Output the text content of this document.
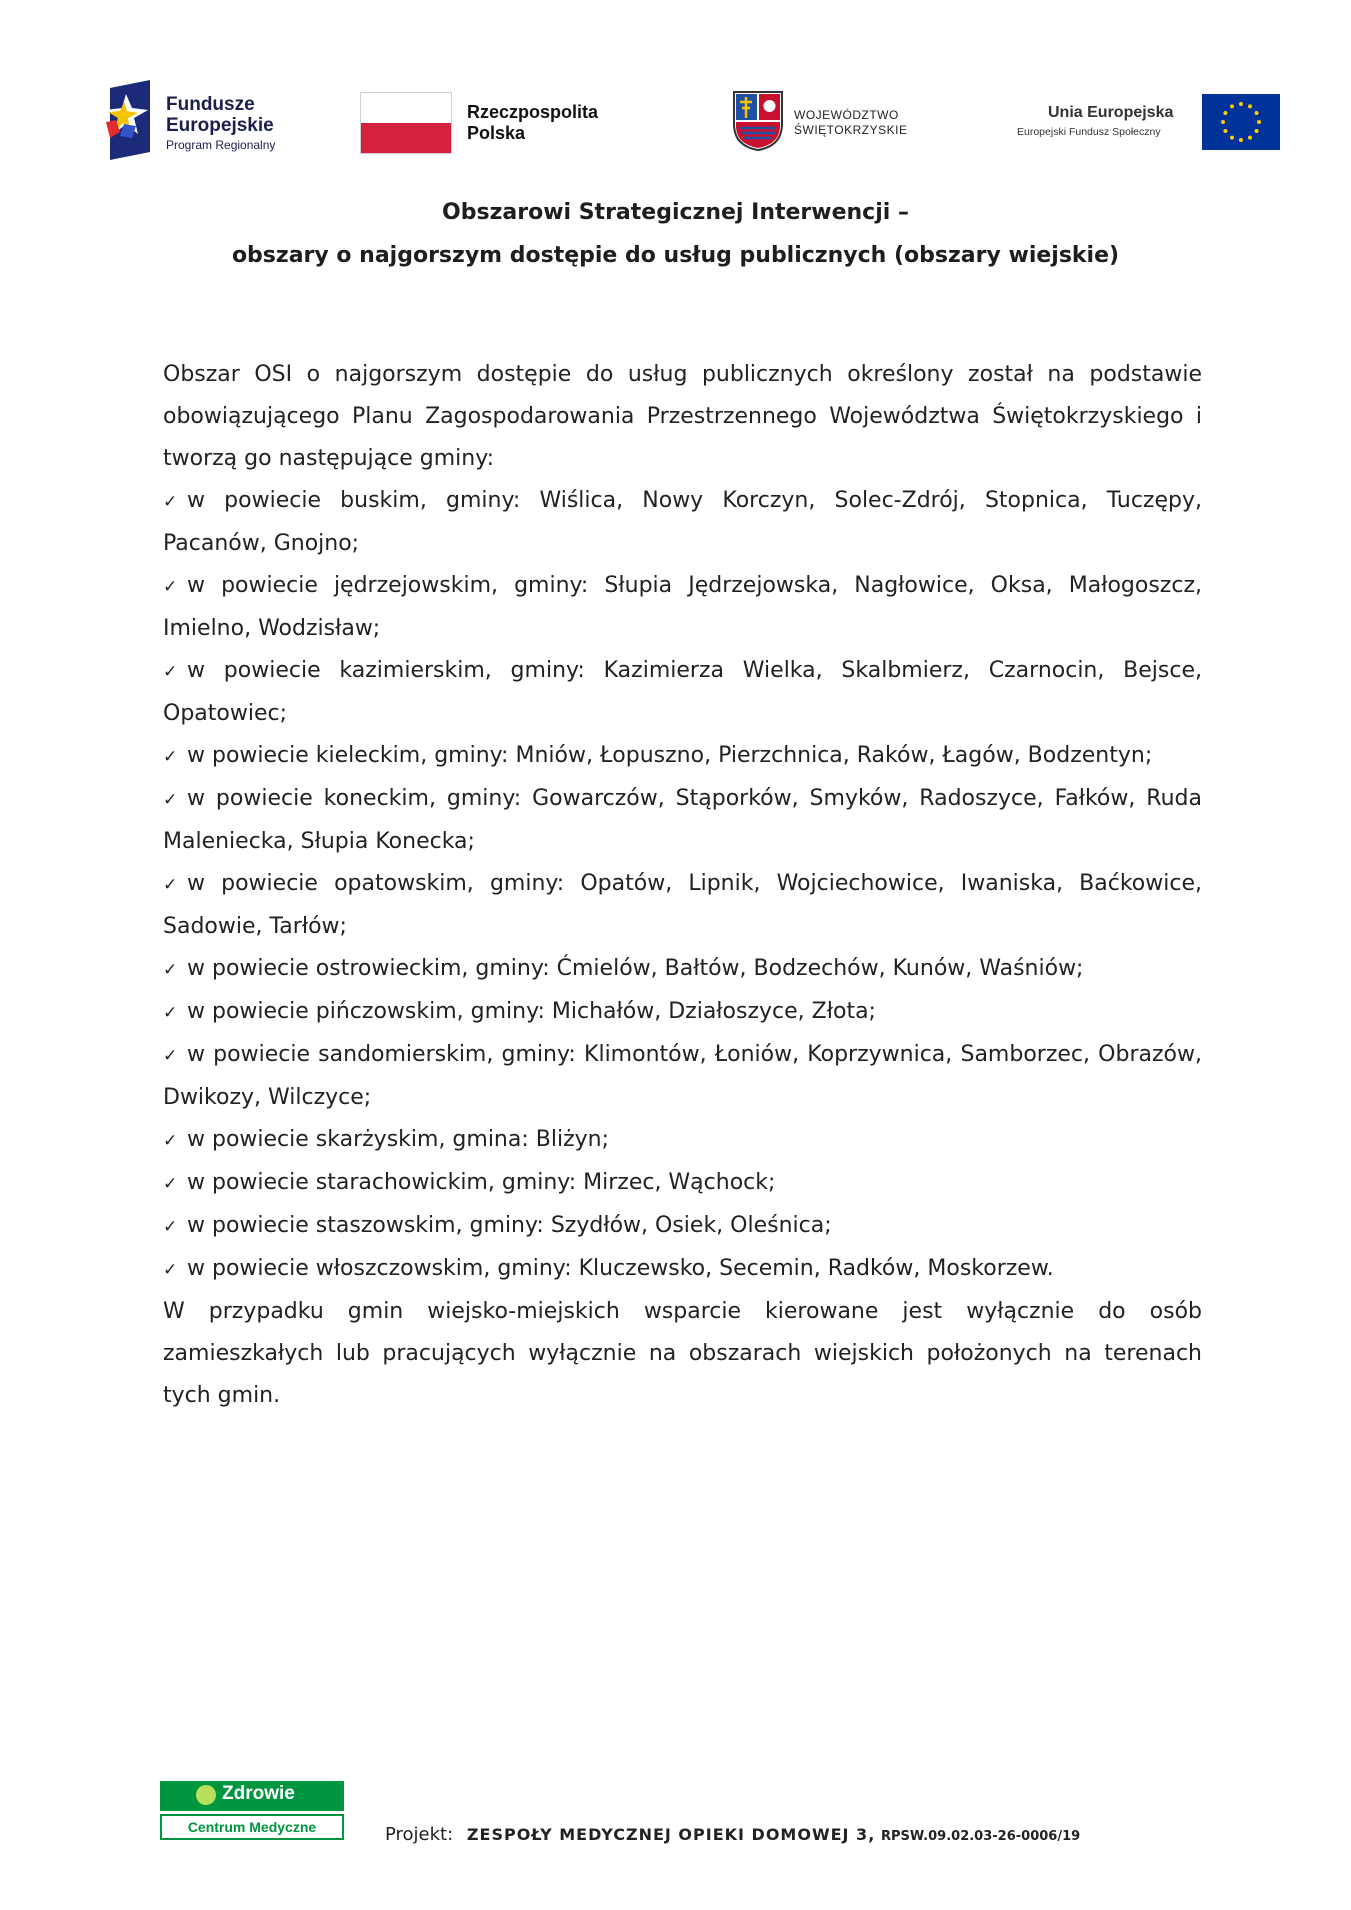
Fundusze
Europejskie
Program Regionalny
Rzeczpospolita
Polska
WOJEWÓDZTWO
ŚWIĘTOKRZYSKIE
Unia Europejska
Europejski Fundusz Społeczny
Obszarowi Strategicznej Interwencji –
obszary o najgorszym dostępie do usług publicznych (obszary wiejskie)

Obszar OSI o najgorszym dostępie do usług publicznych określony został na podstawie obowiązującego Planu Zagospodarowania Przestrzennego Województwa Świętokrzyskiego i tworzą go następujące gminy:

✓ w powiecie buskim, gminy: Wiślica, Nowy Korczyn, Solec-Zdrój, Stopnica, Tuczępy, Pacanów, Gnojno;
✓ w powiecie jędrzejowskim, gminy: Słupia Jędrzejowska, Nagłowice, Oksa, Małogoszcz, Imielno, Wodzisław;
✓ w powiecie kazimierskim, gminy: Kazimierza Wielka, Skalbmierz, Czarnocin, Bejsce, Opatowiec;
✓ w powiecie kieleckim, gminy: Mniów, Łopuszno, Pierzchnica, Raków, Łagów, Bodzentyn;
✓ w powiecie koneckim, gminy: Gowarczów, Stąporków, Smyków, Radoszyce, Fałków, Ruda Maleniecka, Słupia Konecka;
✓ w powiecie opatowskim, gminy: Opatów, Lipnik, Wojciechowice, Iwaniska, Baćkowice, Sadowie, Tarłów;
✓ w powiecie ostrowieckim, gminy: Ćmielów, Bałtów, Bodzechów, Kunów, Waśniów;
✓ w powiecie pińczowskim, gminy: Michałów, Działoszyce, Złota;
✓ w powiecie sandomierskim, gminy: Klimontów, Łoniów, Koprzywnica, Samborzec, Obrazów, Dwikozy, Wilczyce;
✓ w powiecie skarżyskim, gmina: Bliżyn;
✓ w powiecie starachowickim, gminy: Mirzec, Wąchock;
✓ w powiecie staszowskim, gminy: Szydłów, Osiek, Oleśnica;
✓ w powiecie włoszczowskim, gminy: Kluczewsko, Secemin, Radków, Moskorzew.

W przypadku gmin wiejsko-miejskich wsparcie kierowane jest wyłącznie do osób zamieszkałych lub pracujących wyłącznie na obszarach wiejskich położonych na terenach tych gmin.

Zdrowie
Centrum Medyczne	Projekt: ZESPOŁY MEDYCZNEJ OPIEKI DOMOWEJ 3, RPSW.09.02.03-26-0006/19
